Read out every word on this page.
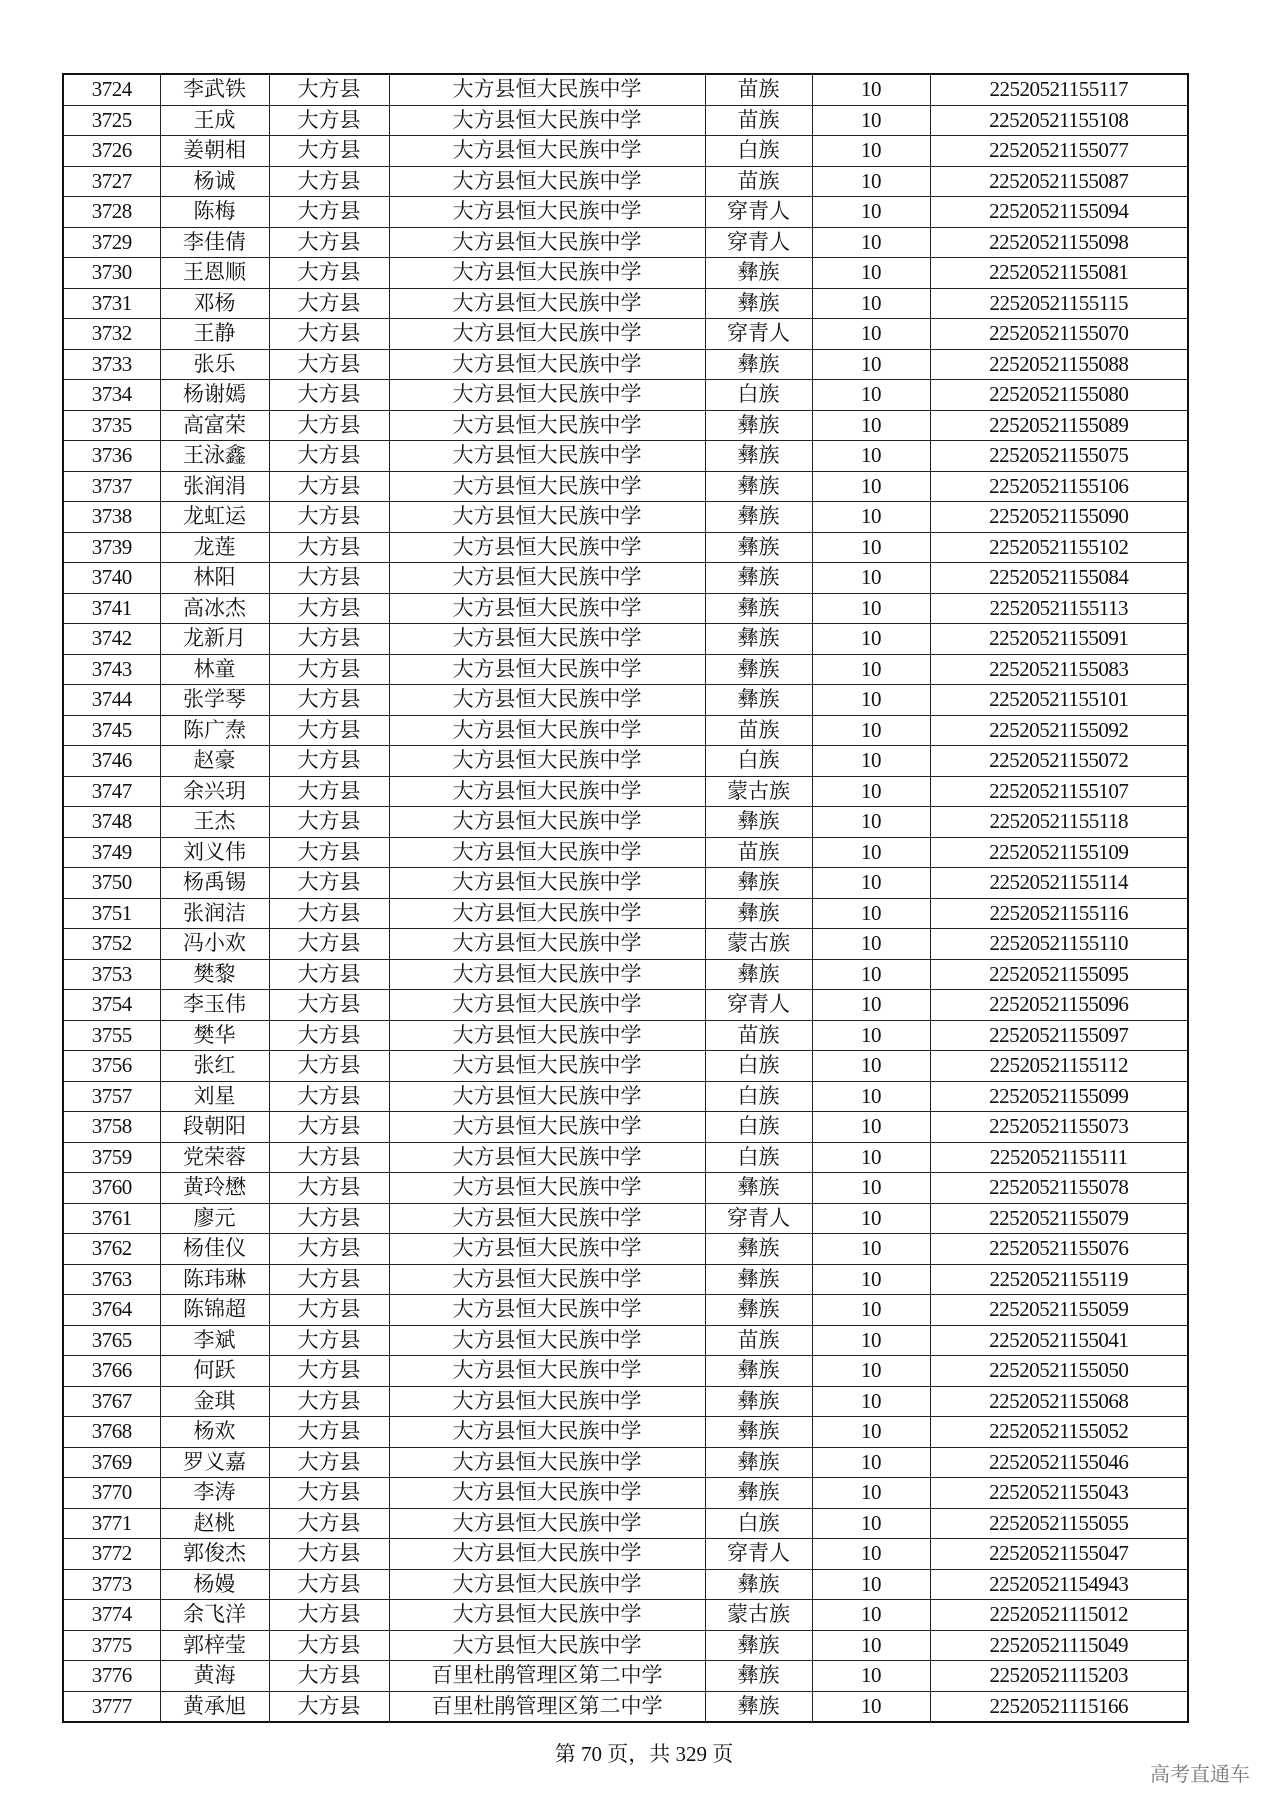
3724	李武铁	大方县	大方县恒大民族中学	苗族	10	22520521155117
3725	王成	大方县	大方县恒大民族中学	苗族	10	22520521155108
3726	姜朝相	大方县	大方县恒大民族中学	白族	10	22520521155077
3727	杨诚	大方县	大方县恒大民族中学	苗族	10	22520521155087
3728	陈梅	大方县	大方县恒大民族中学	穿青人	10	22520521155094
3729	李佳倩	大方县	大方县恒大民族中学	穿青人	10	22520521155098
3730	王恩顺	大方县	大方县恒大民族中学	彝族	10	22520521155081
3731	邓杨	大方县	大方县恒大民族中学	彝族	10	22520521155115
3732	王静	大方县	大方县恒大民族中学	穿青人	10	22520521155070
3733	张乐	大方县	大方县恒大民族中学	彝族	10	22520521155088
3734	杨谢嫣	大方县	大方县恒大民族中学	白族	10	22520521155080
3735	高富荣	大方县	大方县恒大民族中学	彝族	10	22520521155089
3736	王泳鑫	大方县	大方县恒大民族中学	彝族	10	22520521155075
3737	张润涓	大方县	大方县恒大民族中学	彝族	10	22520521155106
3738	龙虹运	大方县	大方县恒大民族中学	彝族	10	22520521155090
3739	龙莲	大方县	大方县恒大民族中学	彝族	10	22520521155102
3740	林阳	大方县	大方县恒大民族中学	彝族	10	22520521155084
3741	高冰杰	大方县	大方县恒大民族中学	彝族	10	22520521155113
3742	龙新月	大方县	大方县恒大民族中学	彝族	10	22520521155091
3743	林童	大方县	大方县恒大民族中学	彝族	10	22520521155083
3744	张学琴	大方县	大方县恒大民族中学	彝族	10	22520521155101
3745	陈广焘	大方县	大方县恒大民族中学	苗族	10	22520521155092
3746	赵豪	大方县	大方县恒大民族中学	白族	10	22520521155072
3747	余兴玥	大方县	大方县恒大民族中学	蒙古族	10	22520521155107
3748	王杰	大方县	大方县恒大民族中学	彝族	10	22520521155118
3749	刘义伟	大方县	大方县恒大民族中学	苗族	10	22520521155109
3750	杨禹锡	大方县	大方县恒大民族中学	彝族	10	22520521155114
3751	张润洁	大方县	大方县恒大民族中学	彝族	10	22520521155116
3752	冯小欢	大方县	大方县恒大民族中学	蒙古族	10	22520521155110
3753	樊黎	大方县	大方县恒大民族中学	彝族	10	22520521155095
3754	李玉伟	大方县	大方县恒大民族中学	穿青人	10	22520521155096
3755	樊华	大方县	大方县恒大民族中学	苗族	10	22520521155097
3756	张红	大方县	大方县恒大民族中学	白族	10	22520521155112
3757	刘星	大方县	大方县恒大民族中学	白族	10	22520521155099
3758	段朝阳	大方县	大方县恒大民族中学	白族	10	22520521155073
3759	党荣蓉	大方县	大方县恒大民族中学	白族	10	22520521155111
3760	黄玲懋	大方县	大方县恒大民族中学	彝族	10	22520521155078
3761	廖元	大方县	大方县恒大民族中学	穿青人	10	22520521155079
3762	杨佳仪	大方县	大方县恒大民族中学	彝族	10	22520521155076
3763	陈玮琳	大方县	大方县恒大民族中学	彝族	10	22520521155119
3764	陈锦超	大方县	大方县恒大民族中学	彝族	10	22520521155059
3765	李斌	大方县	大方县恒大民族中学	苗族	10	22520521155041
3766	何跃	大方县	大方县恒大民族中学	彝族	10	22520521155050
3767	金琪	大方县	大方县恒大民族中学	彝族	10	22520521155068
3768	杨欢	大方县	大方县恒大民族中学	彝族	10	22520521155052
3769	罗义嘉	大方县	大方县恒大民族中学	彝族	10	22520521155046
3770	李涛	大方县	大方县恒大民族中学	彝族	10	22520521155043
3771	赵桃	大方县	大方县恒大民族中学	白族	10	22520521155055
3772	郭俊杰	大方县	大方县恒大民族中学	穿青人	10	22520521155047
3773	杨嫚	大方县	大方县恒大民族中学	彝族	10	22520521154943
3774	余飞洋	大方县	大方县恒大民族中学	蒙古族	10	22520521115012
3775	郭梓莹	大方县	大方县恒大民族中学	彝族	10	22520521115049
3776	黄海	大方县	百里杜鹃管理区第二中学	彝族	10	22520521115203
3777	黄承旭	大方县	百里杜鹃管理区第二中学	彝族	10	22520521115166
第 70 页，共 329 页
高考直通车
